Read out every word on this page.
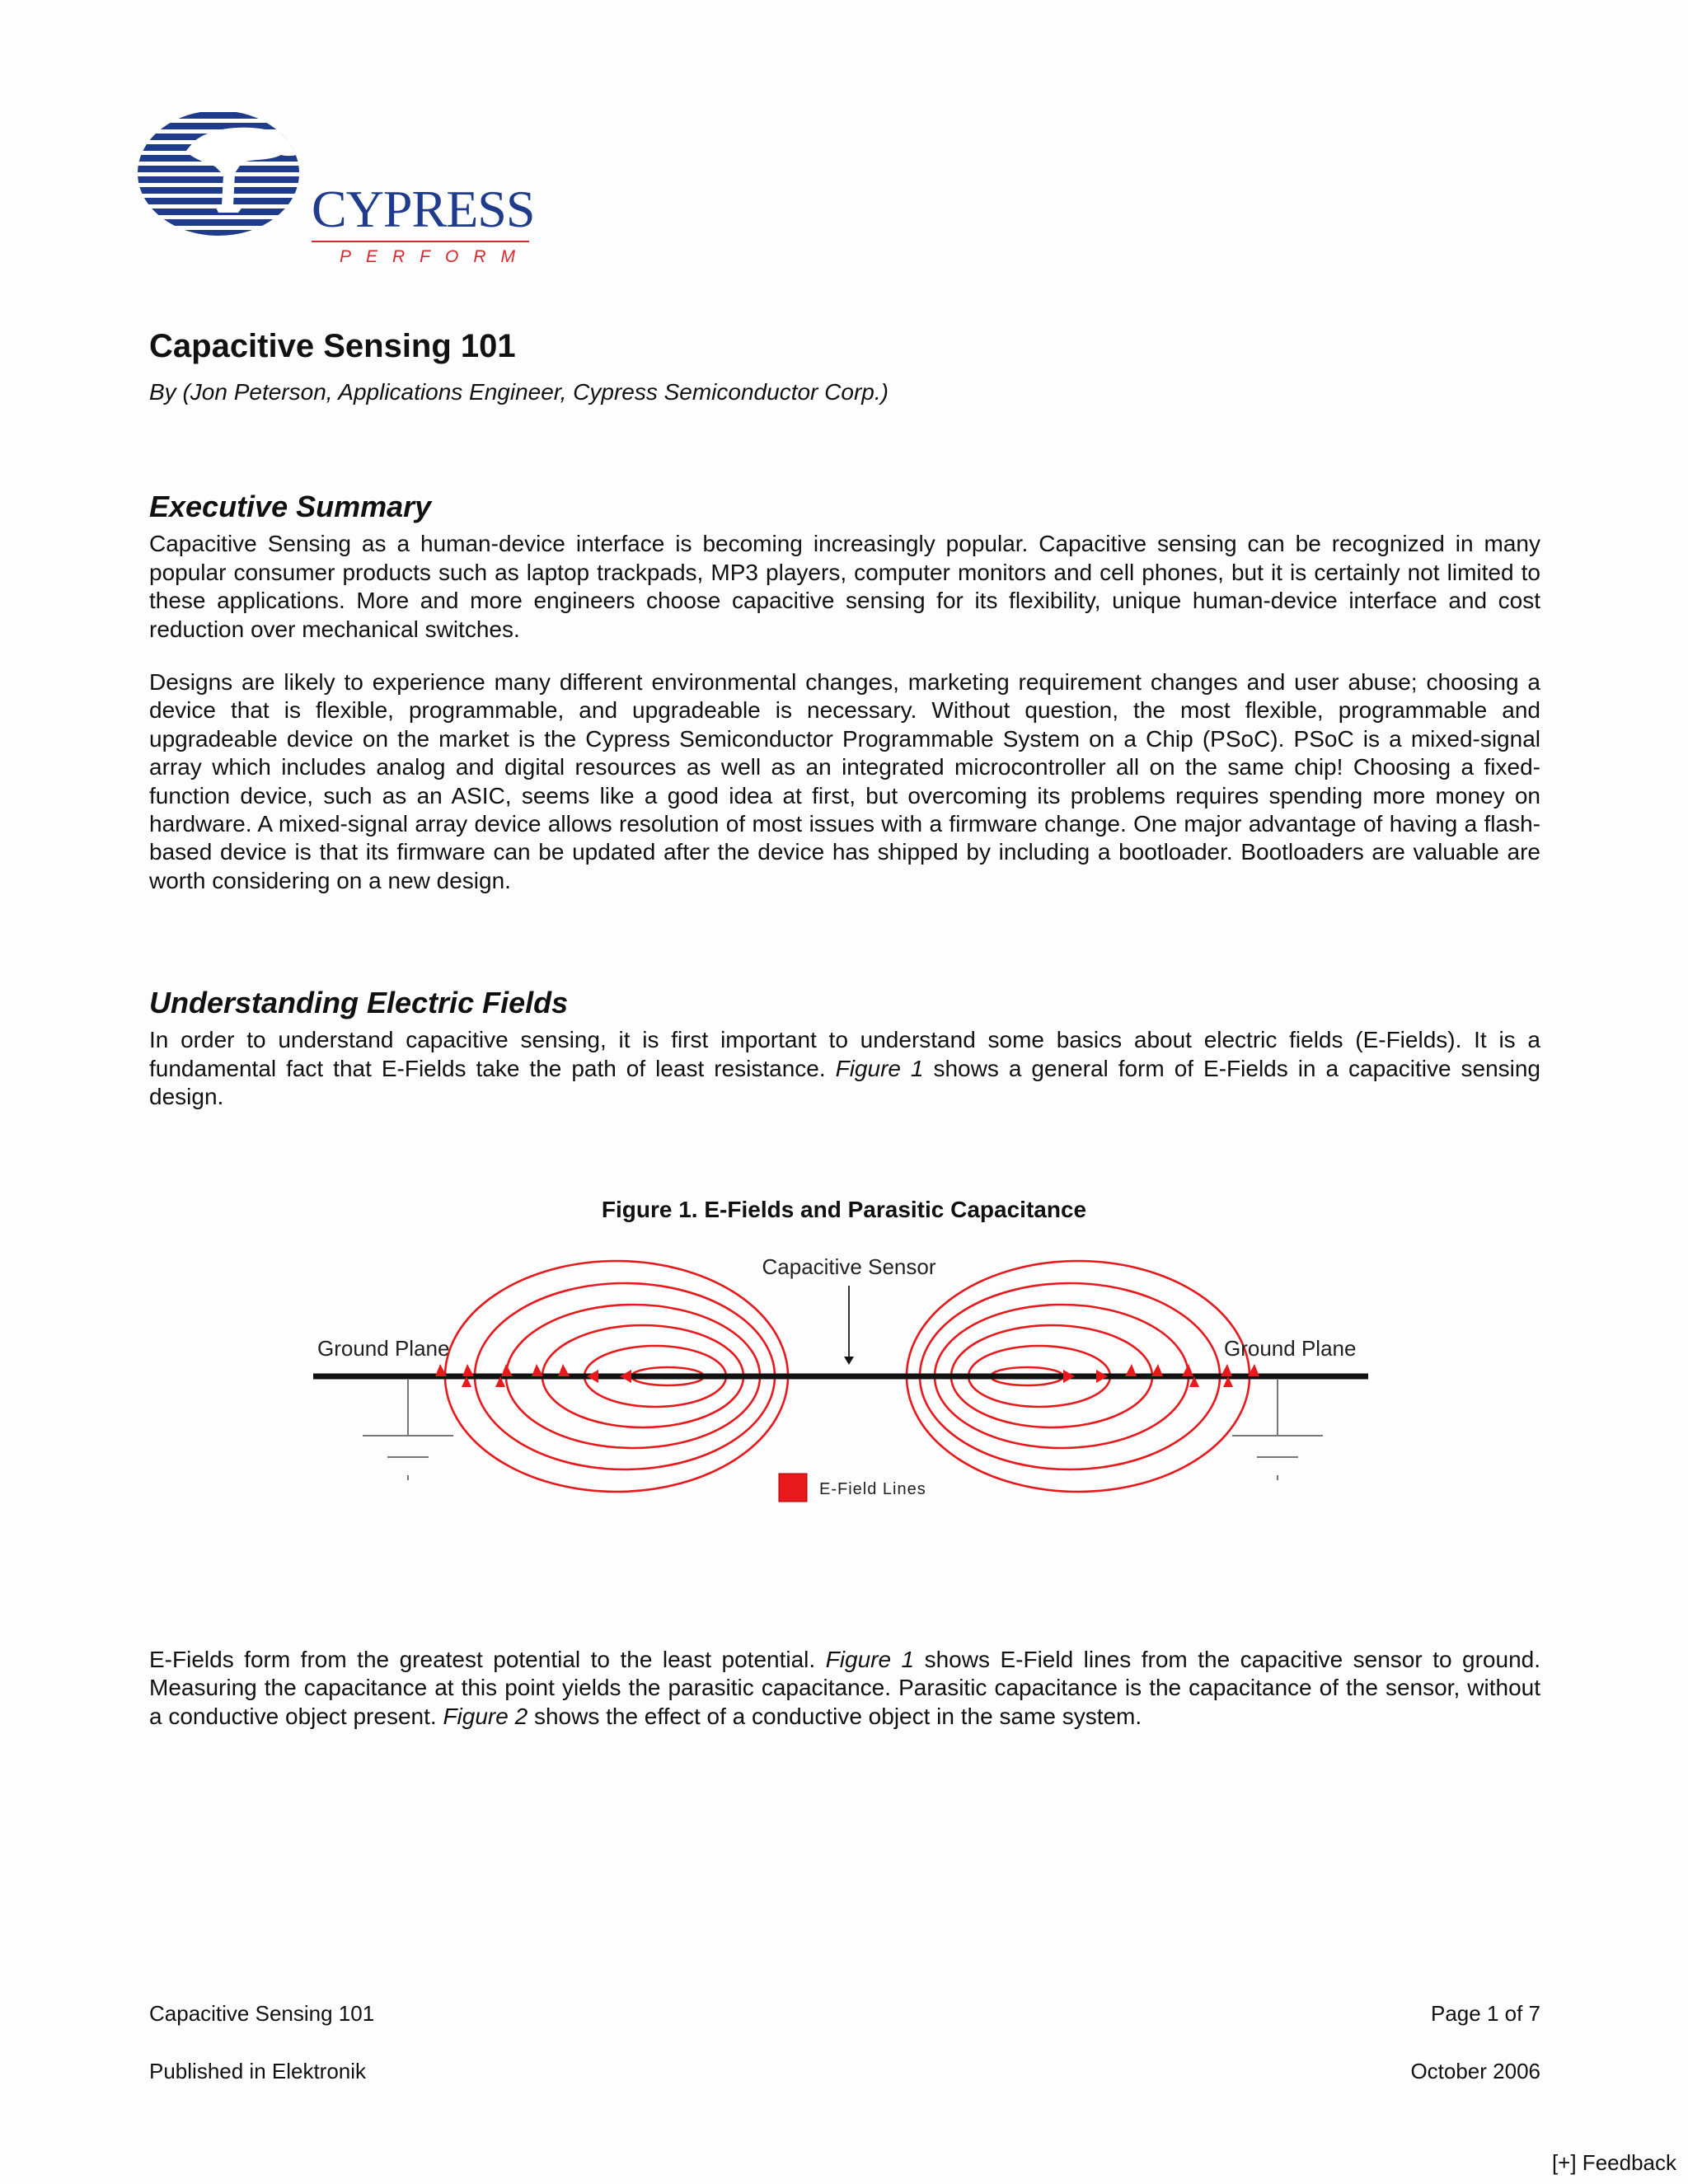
CYPRESS
PERFORM
Capacitive Sensing 101

By (Jon Peterson, Applications Engineer, Cypress Semiconductor Corp.)

Executive Summary

Capacitive Sensing as a human-device interface is becoming increasingly popular. Capacitive sensing can be recognized in many popular consumer products such as laptop trackpads, MP3 players, computer monitors and cell phones, but it is certainly not limited to these applications. More and more engineers choose capacitive sensing for its flexibility, unique human-device interface and cost reduction over mechanical switches.

Designs are likely to experience many different environmental changes, marketing requirement changes and user abuse; choosing a device that is flexible, programmable, and upgradeable is necessary. Without question, the most flexible, programmable and upgradeable device on the market is the Cypress Semiconductor Programmable System on a Chip (PSoC). PSoC is a mixed-signal array which includes analog and digital resources as well as an integrated microcontroller all on the same chip! Choosing a fixed-function device, such as an ASIC, seems like a good idea at first, but overcoming its problems requires spending more money on hardware. A mixed-signal array device allows resolution of most issues with a firmware change. One major advantage of having a flash-based device is that its firmware can be updated after the device has shipped by including a bootloader. Bootloaders are valuable are worth considering on a new design.

Understanding Electric Fields

In order to understand capacitive sensing, it is first important to understand some basics about electric fields (E-Fields). It is a fundamental fact that E-Fields take the path of least resistance. Figure 1 shows a general form of E-Fields in a capacitive sensing design.

Figure 1. E-Fields and Parasitic Capacitance
Capacitive Sensor
Ground Plane	Ground Plane
E-Field Lines

E-Fields form from the greatest potential to the least potential. Figure 1 shows E-Field lines from the capacitive sensor to ground. Measuring the capacitance at this point yields the parasitic capacitance. Parasitic capacitance is the capacitance of the sensor, without a conductive object present. Figure 2 shows the effect of a conductive object in the same system.

Capacitive Sensing 101	Page 1 of 7
Published in Elektronik	October 2006
[+] Feedback
